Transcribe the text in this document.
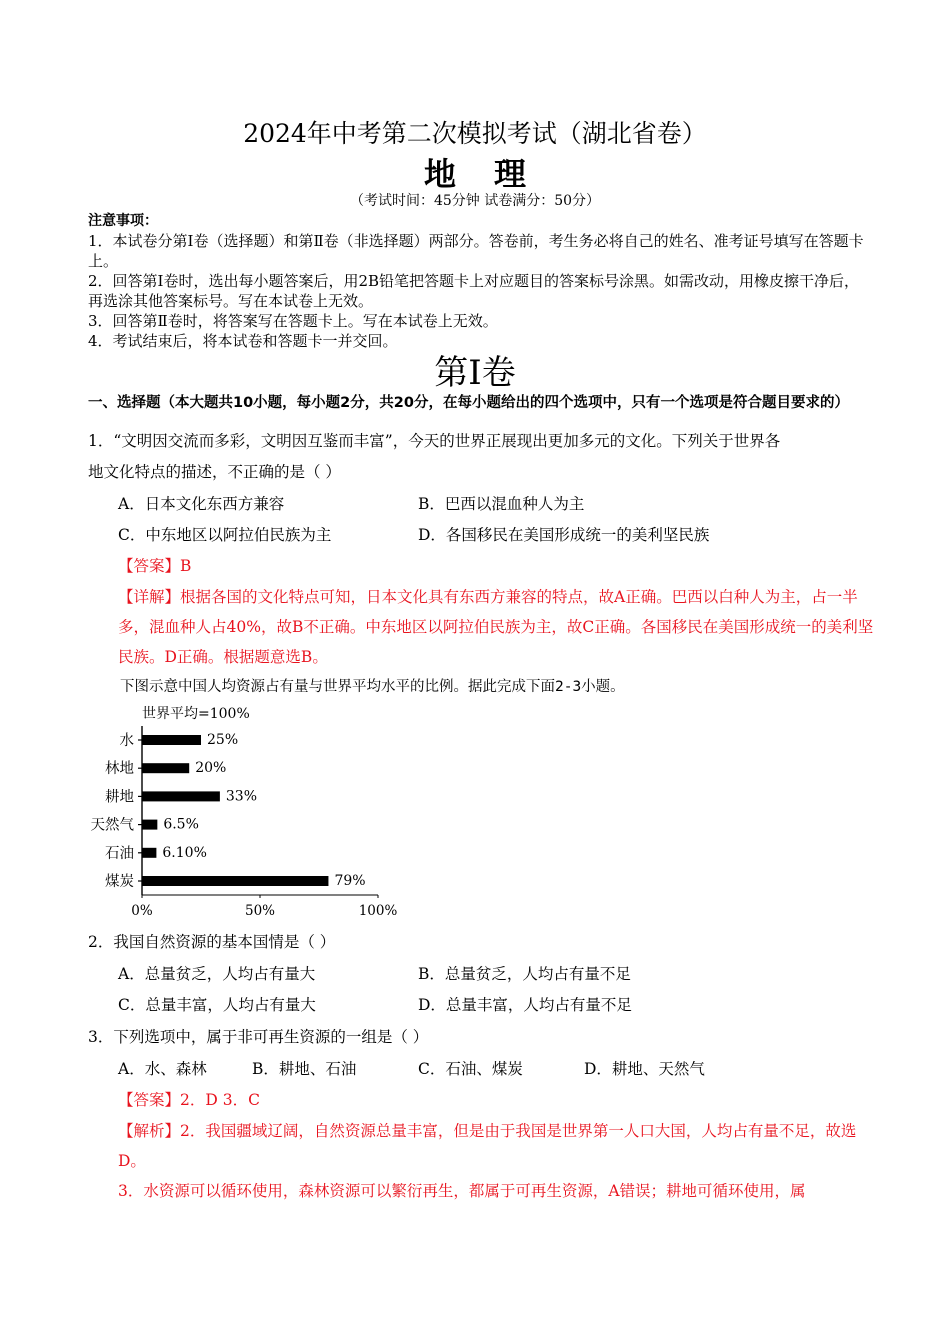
2024年中考第二次模拟考试（湖北省卷）
地理
（考试时间：45分钟 试卷满分：50分）
注意事项：
1．本试卷分第Ⅰ卷（选择题）和第Ⅱ卷（非选择题）两部分。答卷前，考生务必将自己的姓名、准考证号填写在答题卡上。
2．回答第Ⅰ卷时，选出每小题答案后，用2B铅笔把答题卡上对应题目的答案标号涂黑。如需改动，用橡皮擦干净后，再选涂其他答案标号。写在本试卷上无效。
3．回答第Ⅱ卷时，将答案写在答题卡上。写在本试卷上无效。
4．考试结束后，将本试卷和答题卡一并交回。
第Ⅰ卷
一、选择题（本大题共10小题，每小题2分，共20分，在每小题给出的四个选项中，只有一个选项是符合题目要求的）
1．“文明因交流而多彩，文明因互鉴而丰富”，今天的世界正展现出更加多元的文化。下列关于世界各
地文化特点的描述，不正确的是（ ）
A．日本文化东西方兼容	B．巴西以混血种人为主
C．中东地区以阿拉伯民族为主	D．各国移民在美国形成统一的美利坚民族
【答案】B
【详解】根据各国的文化特点可知，日本文化具有东西方兼容的特点，故A正确。巴西以白种人为主，占一半多，混血种人占40%，故B不正确。中东地区以阿拉伯民族为主，故C正确。各国移民在美国形成统一的美利坚民族。D正确。根据题意选B。
下图示意中国人均资源占有量与世界平均水平的比例。据此完成下面2-3小题。
世界平均=100%
水	25%
林地	20%
耕地	33%
天然气 6.5%
石油 6.10%
煤炭	79%
0%	50%	100%
2．我国自然资源的基本国情是（ ）
A．总量贫乏，人均占有量大	B．总量贫乏，人均占有量不足
C．总量丰富，人均占有量大	D．总量丰富，人均占有量不足
3．下列选项中，属于非可再生资源的一组是（ ）
A．水、森林	B．耕地、石油	C．石油、煤炭	D．耕地、天然气
【答案】2．D 3．C
【解析】2．我国疆域辽阔，自然资源总量丰富，但是由于我国是世界第一人口大国，人均占有量不足，故选D。
3．水资源可以循环使用，森林资源可以繁衍再生，都属于可再生资源，A错误；耕地可循环使用，属
